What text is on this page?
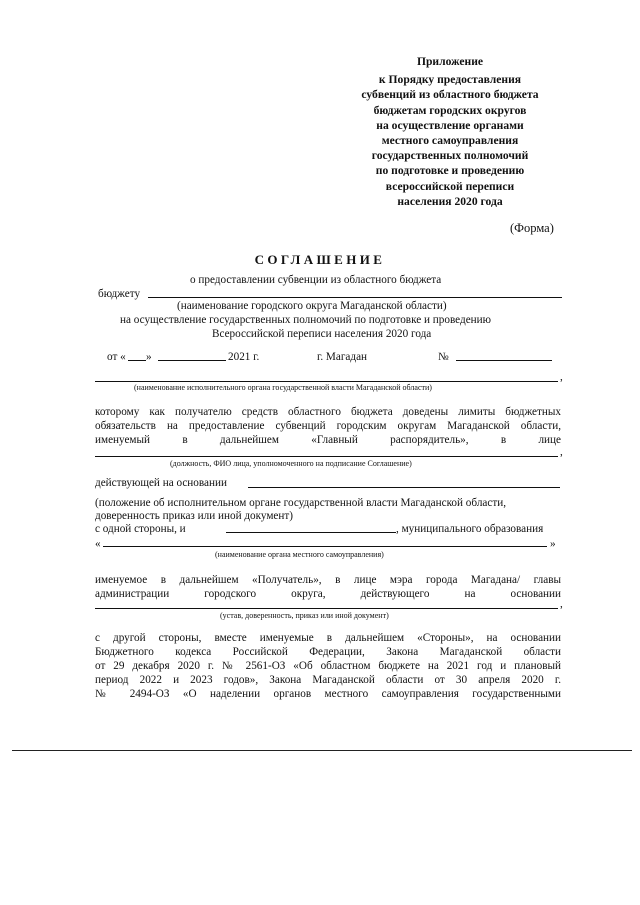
Приложение
к Порядку предоставления
субвенций из областного бюджета
бюджетам городских округов
на осуществление органами
местного самоуправления
государственных полномочий
по подготовке и проведению
всероссийской переписи
населения 2020 года
(Форма)
СОГЛАШЕНИЕ
о предоставлении субвенции из областного бюджета
бюджету
(наименование городского округа Магаданской области)
на осуществление государственных полномочий по подготовке и проведению
Всероссийской переписи населения 2020 года
от « »	2021 г.	г. Магадан	№
,
(наименование исполнительного органа государственной власти Магаданской области)
которому как получателю средств областного бюджета доведены лимиты бюджетных
обязательств на предоставление субвенций городским округам Магаданской области,
именуемый в дальнейшем «Главный распорядитель», в лице
,
(должность, ФИО лица, уполномоченного на подписание Соглашение)
действующей на основании
(положение об исполнительном органе государственной власти Магаданской области,
доверенность приказ или иной документ)
с одной стороны, и	, муниципального образования
«	»
(наименование органа местного самоуправления)
именуемое в дальнейшем «Получатель», в лице мэра города Магадана/ главы
администрации городского округа, действующего на основании
,
(устав, доверенность, приказ или иной документ)
с другой стороны, вместе именуемые в дальнейшем «Стороны», на основании
Бюджетного кодекса Российской Федерации, Закона Магаданской области
от 29 декабря 2020 г. № 2561-ОЗ «Об областном бюджете на 2021 год и плановый
период 2022 и 2023 годов», Закона Магаданской области от 30 апреля 2020 г.
№ 2494-ОЗ «О наделении органов местного самоуправления государственными
